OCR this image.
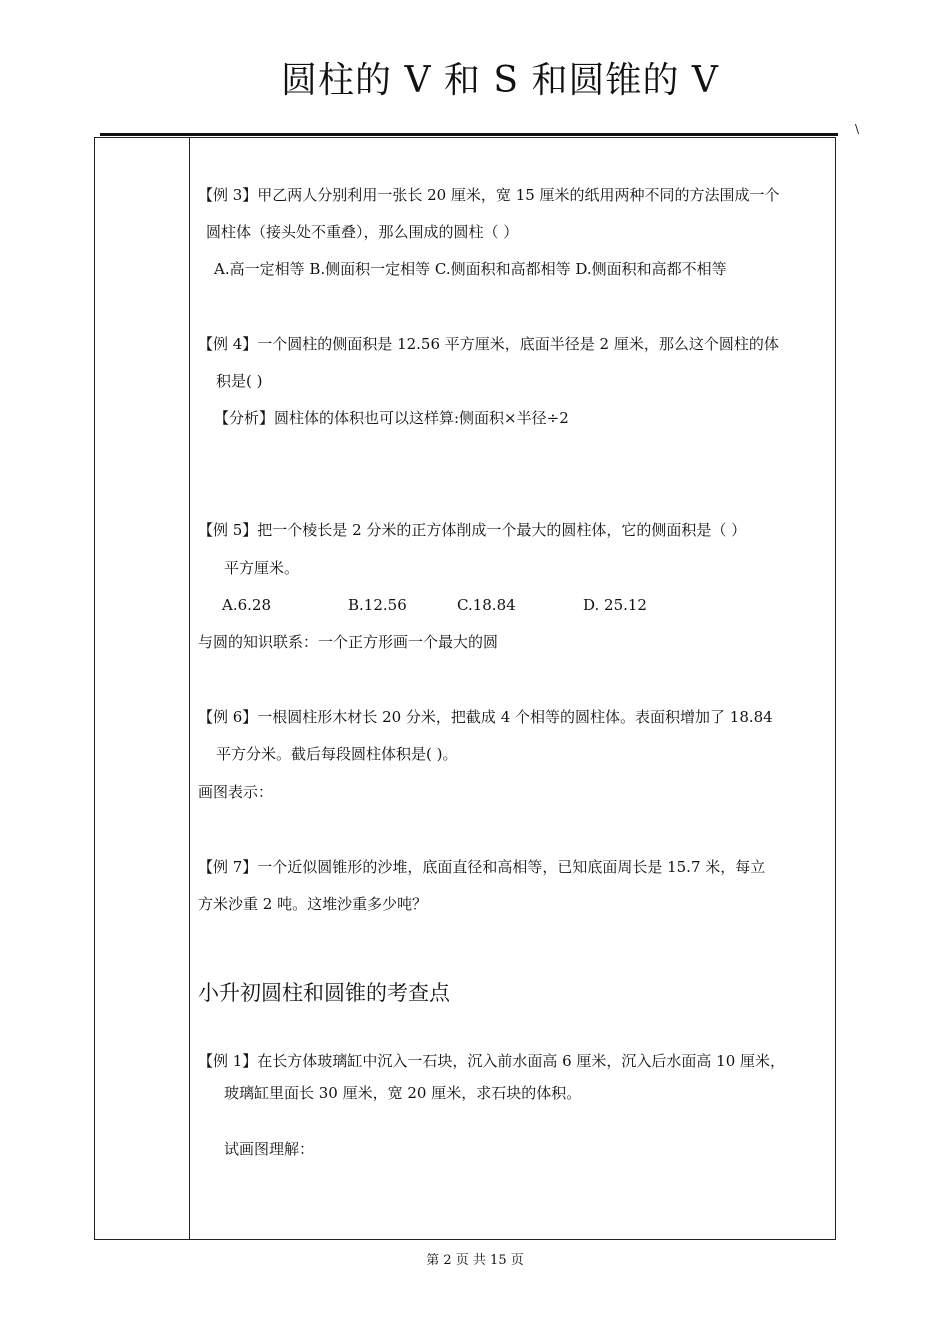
圆柱的 V 和 S 和圆锥的 V
\
【例 3】甲乙两人分别利用一张长 20 厘米，宽 15 厘米的纸用两种不同的方法围成一个
圆柱体（接头处不重叠），那么围成的圆柱（ ）
A.高一定相等 B.侧面积一定相等 C.侧面积和高都相等 D.侧面积和高都不相等
【例 4】一个圆柱的侧面积是 12.56 平方厘米，底面半径是 2 厘米，那么这个圆柱的体
积是( )
【分析】圆柱体的体积也可以这样算:侧面积×半径÷2
【例 5】把一个棱长是 2 分米的正方体削成一个最大的圆柱体，它的侧面积是（ ）
平方厘米。
A.6.28	B.12.56	C.18.84	D. 25.12
与圆的知识联系：一个正方形画一个最大的圆
【例 6】一根圆柱形木材长 20 分米，把截成 4 个相等的圆柱体。表面积增加了 18.84
平方分米。截后每段圆柱体积是( )。
画图表示：
【例 7】一个近似圆锥形的沙堆，底面直径和高相等，已知底面周长是 15.7 米，每立
方米沙重 2 吨。这堆沙重多少吨？
小升初圆柱和圆锥的考查点
【例 1】在长方体玻璃缸中沉入一石块，沉入前水面高 6 厘米，沉入后水面高 10 厘米，
玻璃缸里面长 30 厘米，宽 20 厘米，求石块的体积。
试画图理解：
第 2 页 共 15 页
